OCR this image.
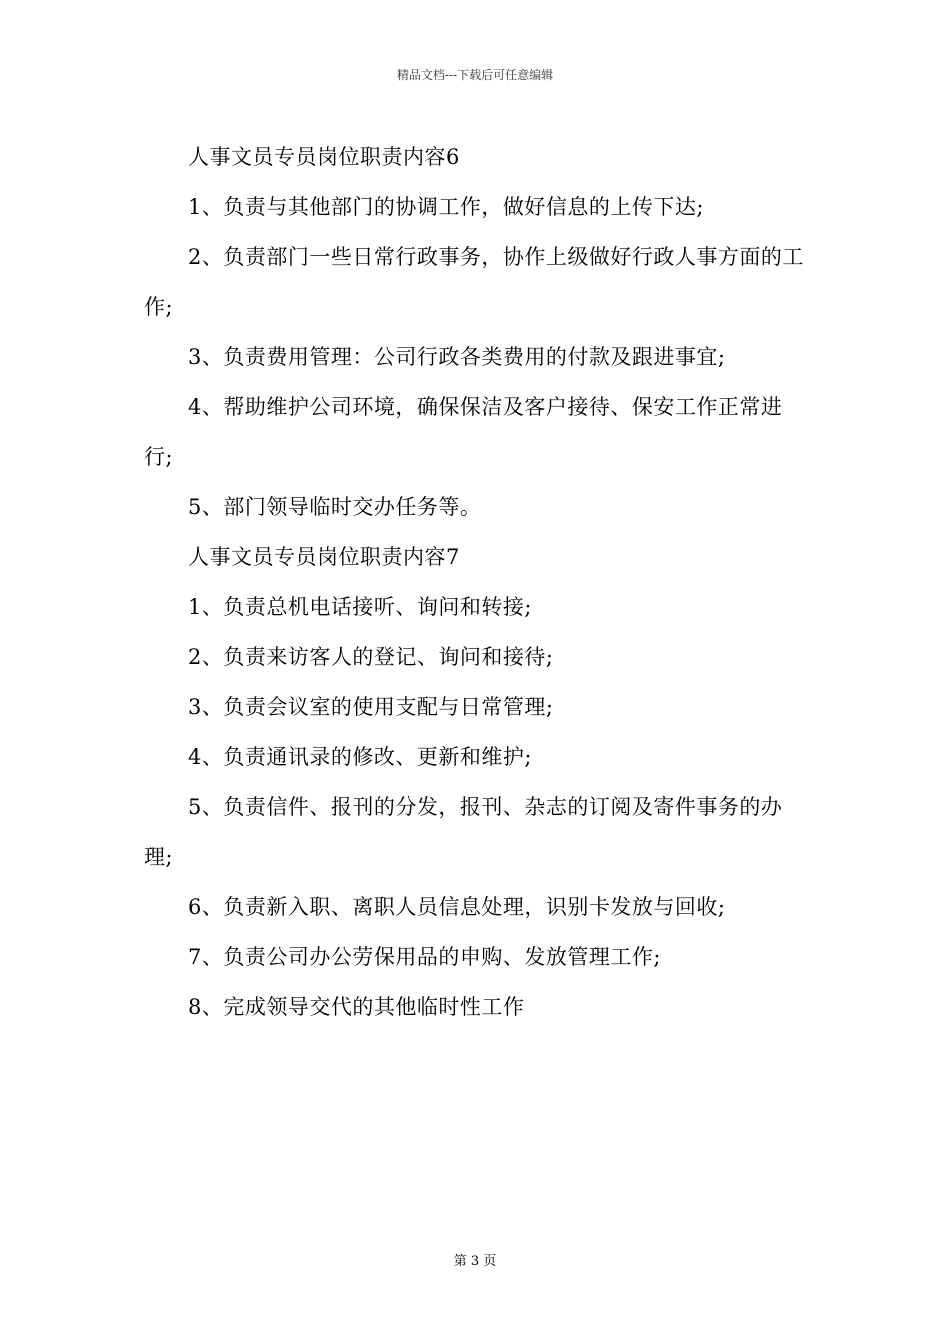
精品文档---下载后可任意编辑

人事文员专员岗位职责内容6

1、负责与其他部门的协调工作，做好信息的上传下达;

2、负责部门一些日常行政事务，协作上级做好行政人事方面的工作;

3、负责费用管理：公司行政各类费用的付款及跟进事宜;

4、帮助维护公司环境，确保保洁及客户接待、保安工作正常进行;

5、部门领导临时交办任务等。

人事文员专员岗位职责内容7

1、负责总机电话接听、询问和转接;

2、负责来访客人的登记、询问和接待;

3、负责会议室的使用支配与日常管理;

4、负责通讯录的修改、更新和维护;

5、负责信件、报刊的分发，报刊、杂志的订阅及寄件事务的办理;

6、负责新入职、离职人员信息处理，识别卡发放与回收;

7、负责公司办公劳保用品的申购、发放管理工作;

8、完成领导交代的其他临时性工作

第 3 页
